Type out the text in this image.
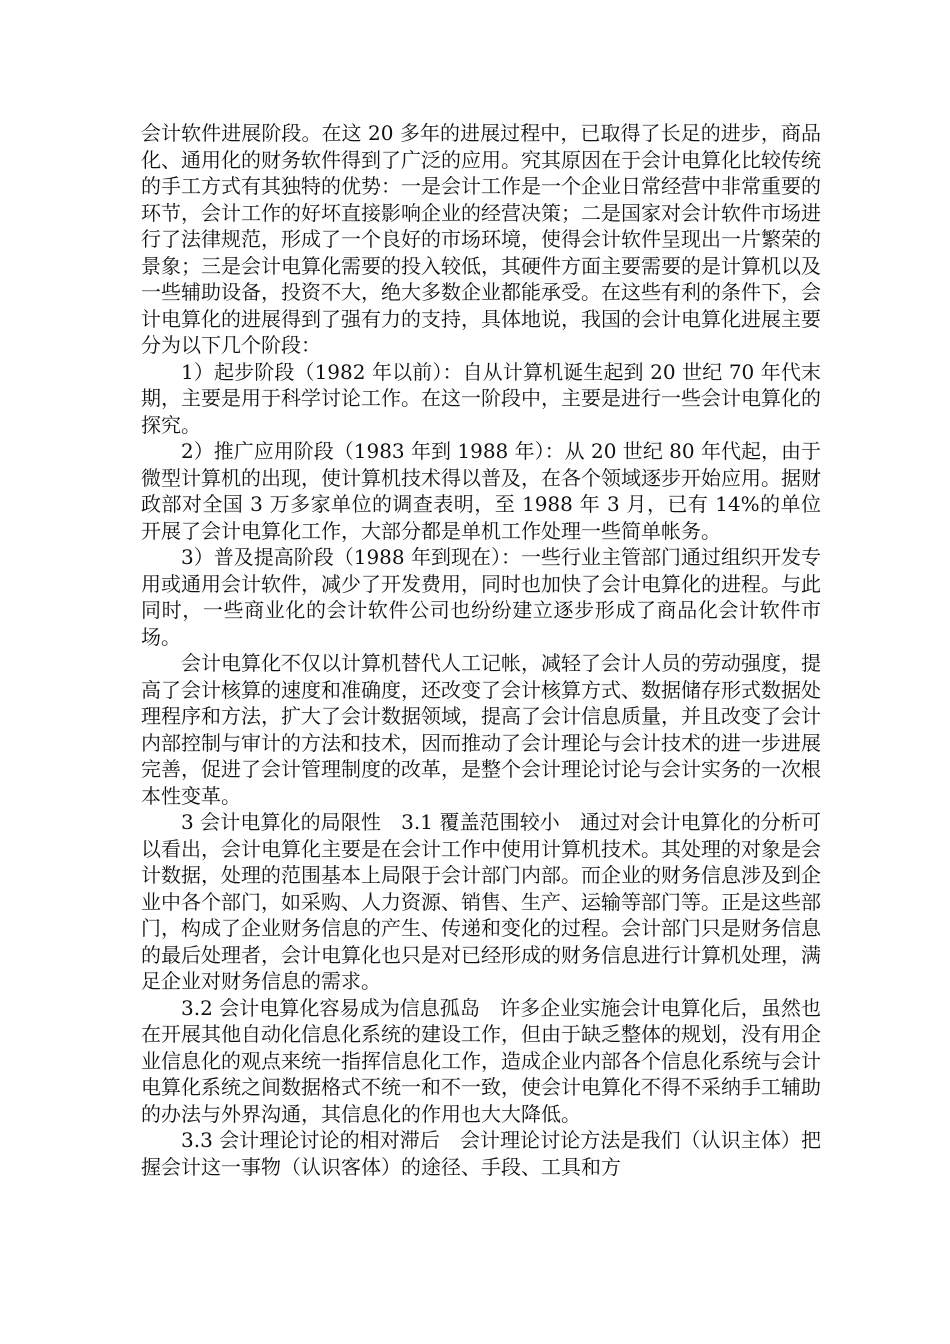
会计软件进展阶段。在这 20 多年的进展过程中，已取得了长足的进步，商品化、通用化的财务软件得到了广泛的应用。究其原因在于会计电算化比较传统的手工方式有其独特的优势：一是会计工作是一个企业日常经营中非常重要的环节，会计工作的好坏直接影响企业的经营决策；二是国家对会计软件市场进行了法律规范，形成了一个良好的市场环境，使得会计软件呈现出一片繁荣的景象；三是会计电算化需要的投入较低，其硬件方面主要需要的是计算机以及一些辅助设备，投资不大，绝大多数企业都能承受。在这些有利的条件下，会计电算化的进展得到了强有力的支持，具体地说，我国的会计电算化进展主要分为以下几个阶段：

1）起步阶段（1982 年以前）：自从计算机诞生起到 20 世纪 70 年代末期，主要是用于科学讨论工作。在这一阶段中，主要是进行一些会计电算化的探究。

2）推广应用阶段（1983 年到 1988 年）：从 20 世纪 80 年代起，由于微型计算机的出现，使计算机技术得以普及，在各个领域逐步开始应用。据财政部对全国 3 万多家单位的调查表明，至 1988 年 3 月，已有 14%的单位开展了会计电算化工作，大部分都是单机工作处理一些简单帐务。

3）普及提高阶段（1988 年到现在）：一些行业主管部门通过组织开发专用或通用会计软件，减少了开发费用，同时也加快了会计电算化的进程。与此同时，一些商业化的会计软件公司也纷纷建立逐步形成了商品化会计软件市场。

会计电算化不仅以计算机替代人工记帐，减轻了会计人员的劳动强度，提高了会计核算的速度和准确度，还改变了会计核算方式、数据储存形式数据处理程序和方法，扩大了会计数据领域，提高了会计信息质量，并且改变了会计内部控制与审计的方法和技术，因而推动了会计理论与会计技术的进一步进展完善，促进了会计管理制度的改革，是整个会计理论讨论与会计实务的一次根本性变革。

3 会计电算化的局限性　3.1 覆盖范围较小　通过对会计电算化的分析可以看出，会计电算化主要是在会计工作中使用计算机技术。其处理的对象是会计数据，处理的范围基本上局限于会计部门内部。而企业的财务信息涉及到企业中各个部门，如采购、人力资源、销售、生产、运输等部门等。正是这些部门，构成了企业财务信息的产生、传递和变化的过程。会计部门只是财务信息的最后处理者，会计电算化也只是对已经形成的财务信息进行计算机处理，满足企业对财务信息的需求。

3.2 会计电算化容易成为信息孤岛　许多企业实施会计电算化后，虽然也在开展其他自动化信息化系统的建设工作，但由于缺乏整体的规划，没有用企业信息化的观点来统一指挥信息化工作，造成企业内部各个信息化系统与会计电算化系统之间数据格式不统一和不一致，使会计电算化不得不采纳手工辅助的办法与外界沟通，其信息化的作用也大大降低。

3.3 会计理论讨论的相对滞后　会计理论讨论方法是我们（认识主体）把握会计这一事物（认识客体）的途径、手段、工具和方
